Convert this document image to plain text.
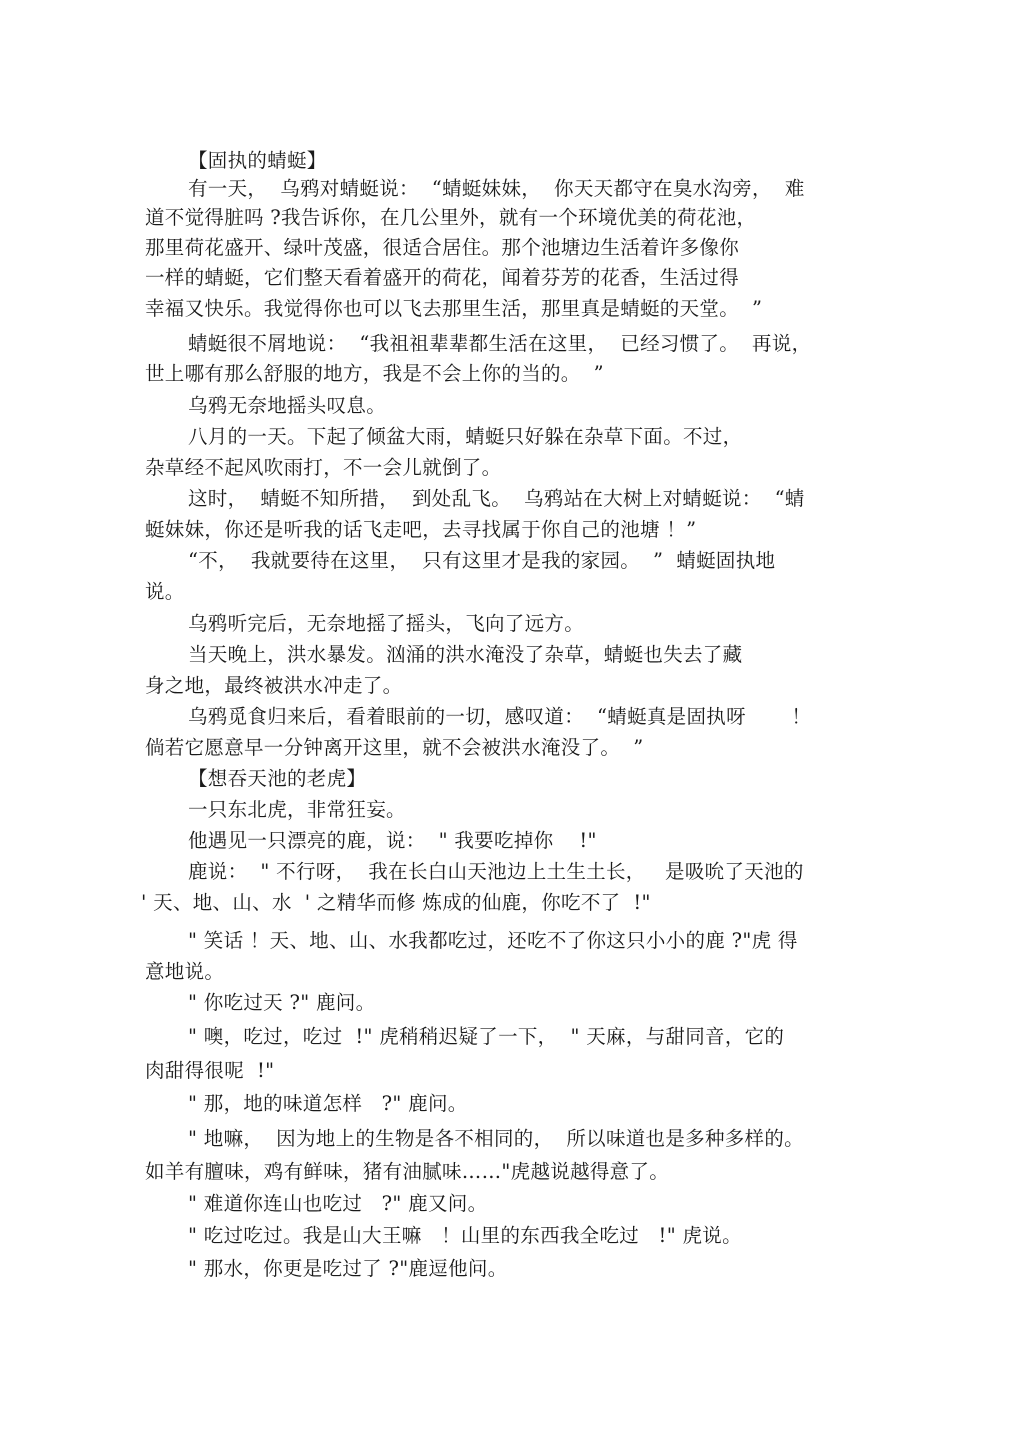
【固执的蜻蜓】
有一天，  乌鸦对蜻蜓说：  “蜻蜓妹妹，  你天天都守在臭水沟旁，  难
道不觉得脏吗 ?我告诉你，在几公里外，就有一个环境优美的荷花池，
那里荷花盛开、绿叶茂盛，很适合居住。那个池塘边生活着许多像你
一样的蜻蜓，它们整天看着盛开的荷花，闻着芬芳的花香，生活过得
幸福又快乐。我觉得你也可以飞去那里生活，那里真是蜻蜓的天堂。  ”
蜻蜓很不屑地说：  “我祖祖辈辈都生活在这里，  已经习惯了。  再说，
世上哪有那么舒服的地方，我是不会上你的当的。  ”
乌鸦无奈地摇头叹息。
八月的一天。下起了倾盆大雨，蜻蜓只好躲在杂草下面。不过，
杂草经不起风吹雨打，不一会儿就倒了。
这时，  蜻蜓不知所措，  到处乱飞。  乌鸦站在大树上对蜻蜓说：  “蜻
蜓妹妹，你还是听我的话飞走吧，去寻找属于你自己的池塘 ！”
“不，  我就要待在这里，  只有这里才是我的家园。  ”  蜻蜓固执地
说。
乌鸦听完后，无奈地摇了摇头，飞向了远方。
当天晚上，洪水暴发。汹涌的洪水淹没了杂草，蜻蜓也失去了藏
身之地，最终被洪水冲走了。
乌鸦觅食归来后，看着眼前的一切，感叹道：  “蜻蜓真是固执呀       ！
倘若它愿意早一分钟离开这里，就不会被洪水淹没了。  ”
【想吞天池的老虎】
一只东北虎，非常狂妄。
他遇见一只漂亮的鹿，说：  " 我要吃掉你    !"
鹿说：  " 不行呀，  我在长白山天池边上土生土长，   是吸吮了天池的
' 天、地、山、水  ' 之精华而修 炼成的仙鹿，你吃不了  !"
" 笑话 ！天、地、山、水我都吃过，还吃不了你这只小小的鹿 ?"虎 得
意地说。
" 你吃过天 ?" 鹿问。
" 噢，吃过，吃过  !" 虎稍稍迟疑了一下，  " 天麻，与甜同音，它的
肉甜得很呢  !"
" 那，地的味道怎样   ?" 鹿问。
" 地嘛，  因为地上的生物是各不相同的，  所以味道也是多种多样的。
如羊有膻味，鸡有鲜味，猪有油腻味……"虎越说越得意了。
" 难道你连山也吃过   ?" 鹿又问。
" 吃过吃过。我是山大王嘛   ！山里的东西我全吃过   !" 虎说。
" 那水，你更是吃过了 ?"鹿逗他问。
